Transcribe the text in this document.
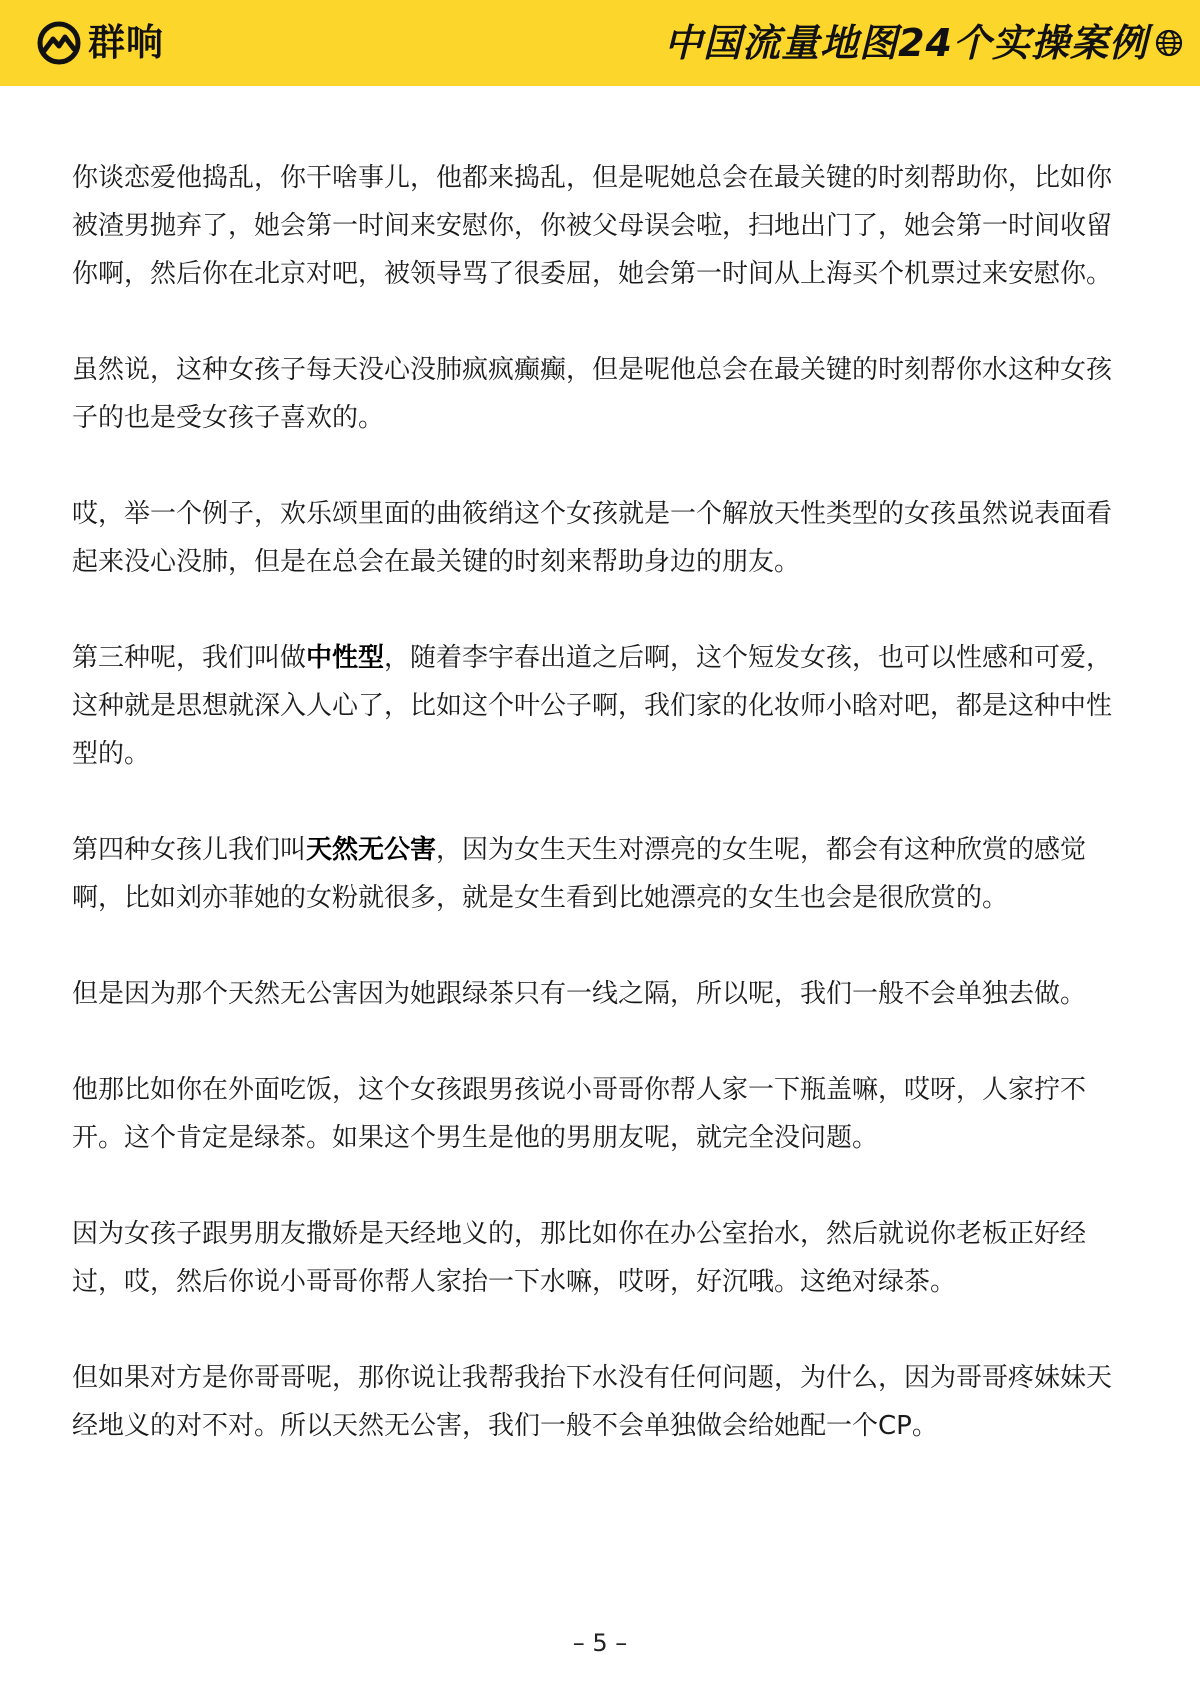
群响	中国流量地图24个实操案例

你谈恋爱他捣乱，你干啥事儿，他都来捣乱，但是呢她总会在最关键的时刻帮助你，比如你被渣男抛弃了，她会第一时间来安慰你，你被父母误会啦，扫地出门了，她会第一时间收留你啊，然后你在北京对吧，被领导骂了很委屈，她会第一时间从上海买个机票过来安慰你。

虽然说，这种女孩子每天没心没肺疯疯癫癫，但是呢他总会在最关键的时刻帮你水这种女孩子的也是受女孩子喜欢的。

哎，举一个例子，欢乐颂里面的曲筱绡这个女孩就是一个解放天性类型的女孩虽然说表面看起来没心没肺，但是在总会在最关键的时刻来帮助身边的朋友。

第三种呢，我们叫做中性型，随着李宇春出道之后啊，这个短发女孩，也可以性感和可爱，这种就是思想就深入人心了，比如这个叶公子啊，我们家的化妆师小晗对吧，都是这种中性型的。

第四种女孩儿我们叫天然无公害，因为女生天生对漂亮的女生呢，都会有这种欣赏的感觉啊，比如刘亦菲她的女粉就很多，就是女生看到比她漂亮的女生也会是很欣赏的。

但是因为那个天然无公害因为她跟绿茶只有一线之隔，所以呢，我们一般不会单独去做。

他那比如你在外面吃饭，这个女孩跟男孩说小哥哥你帮人家一下瓶盖嘛，哎呀，人家拧不开。这个肯定是绿茶。如果这个男生是他的男朋友呢，就完全没问题。

因为女孩子跟男朋友撒娇是天经地义的，那比如你在办公室抬水，然后就说你老板正好经过，哎，然后你说小哥哥你帮人家抬一下水嘛，哎呀，好沉哦。这绝对绿茶。

但如果对方是你哥哥呢，那你说让我帮我抬下水没有任何问题，为什么，因为哥哥疼妹妹天经地义的对不对。所以天然无公害，我们一般不会单独做会给她配一个CP。

– 5 –
